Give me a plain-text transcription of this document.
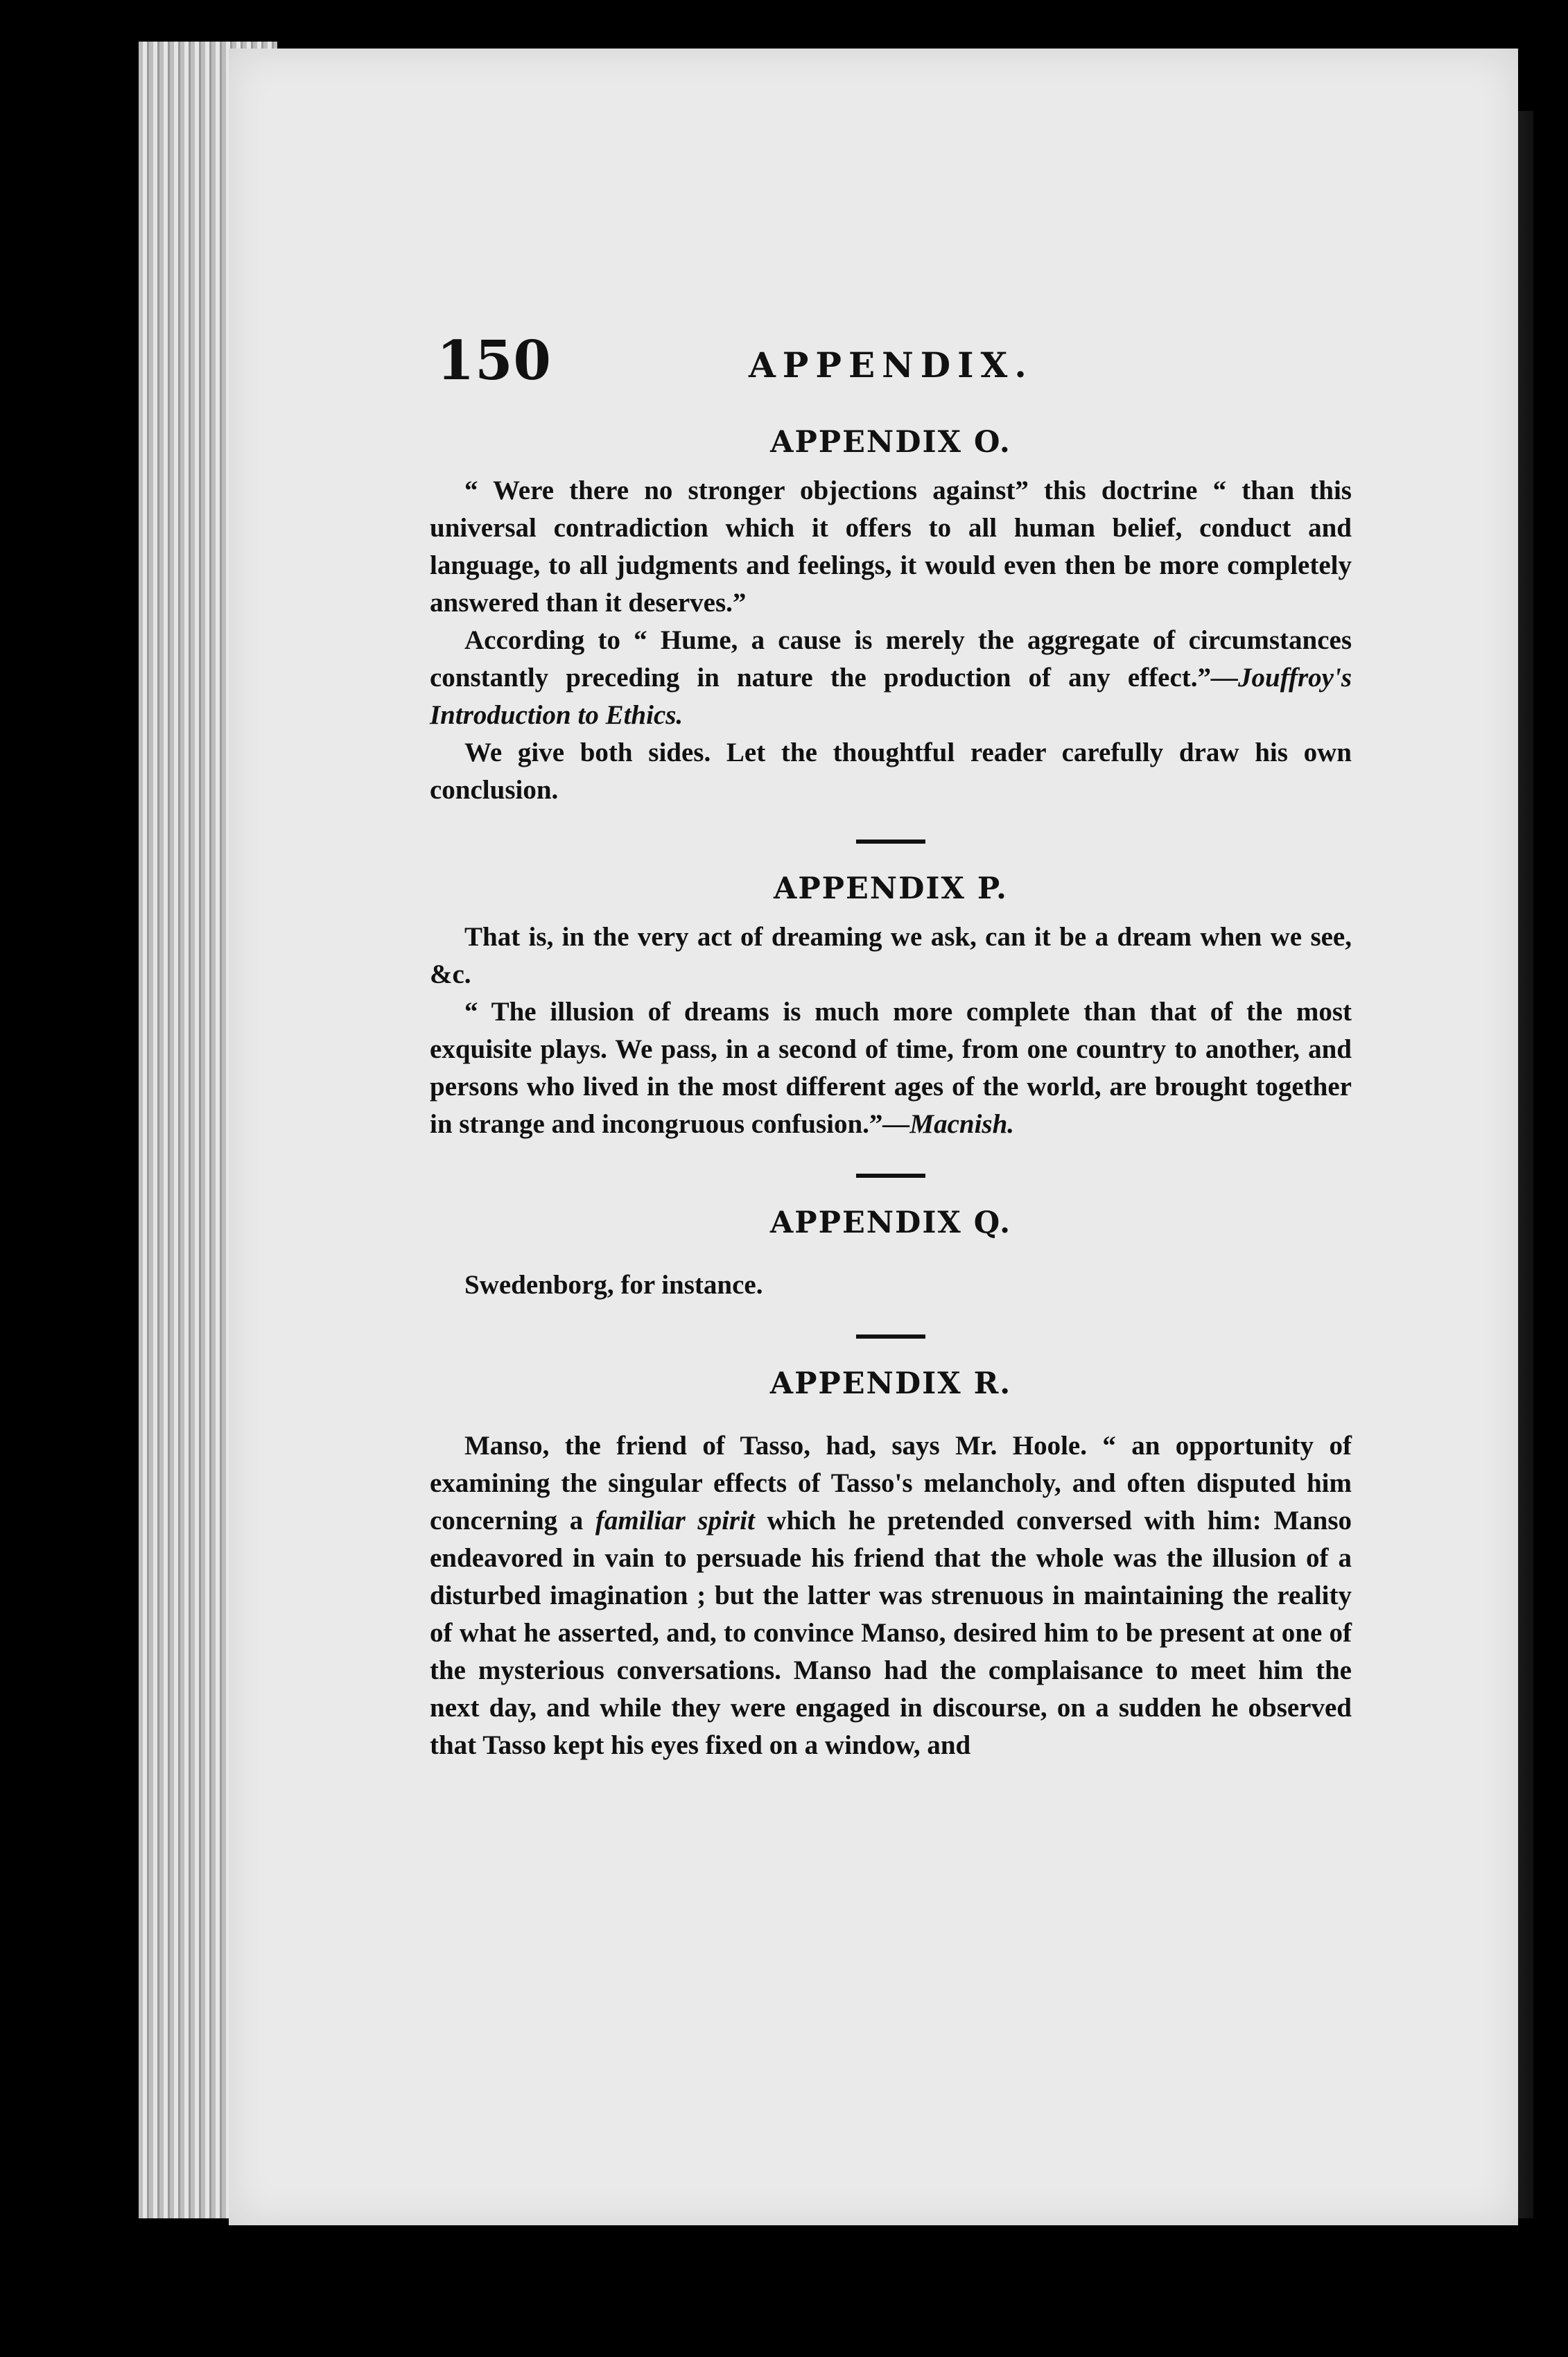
150	APPENDIX.
APPENDIX O.

“ Were there no stronger objections against” this doctrine “ than this universal contradiction which it offers to all human belief, conduct and language, to all judgments and feelings, it would even then be more completely answered than it deserves.”

According to “ Hume, a cause is merely the aggregate of circumstances constantly preceding in nature the production of any effect.”—Jouffroy's Introduction to Ethics.

We give both sides. Let the thoughtful reader carefully draw his own conclusion.

APPENDIX P.

That is, in the very act of dreaming we ask, can it be a dream when we see, &c.

“ The illusion of dreams is much more complete than that of the most exquisite plays. We pass, in a second of time, from one country to another, and persons who lived in the most different ages of the world, are brought together in strange and incongruous confusion.”—Macnish.

APPENDIX Q.

Swedenborg, for instance.

APPENDIX R.

Manso, the friend of Tasso, had, says Mr. Hoole. “ an opportunity of examining the singular effects of Tasso's melancholy, and often disputed him concerning a familiar spirit which he pretended conversed with him: Manso endeavored in vain to persuade his friend that the whole was the illusion of a disturbed imagination ; but the latter was strenuous in maintaining the reality of what he asserted, and, to convince Manso, desired him to be present at one of the mysterious conversations. Manso had the complaisance to meet him the next day, and while they were engaged in discourse, on a sudden he observed that Tasso kept his eyes fixed on a window, and
